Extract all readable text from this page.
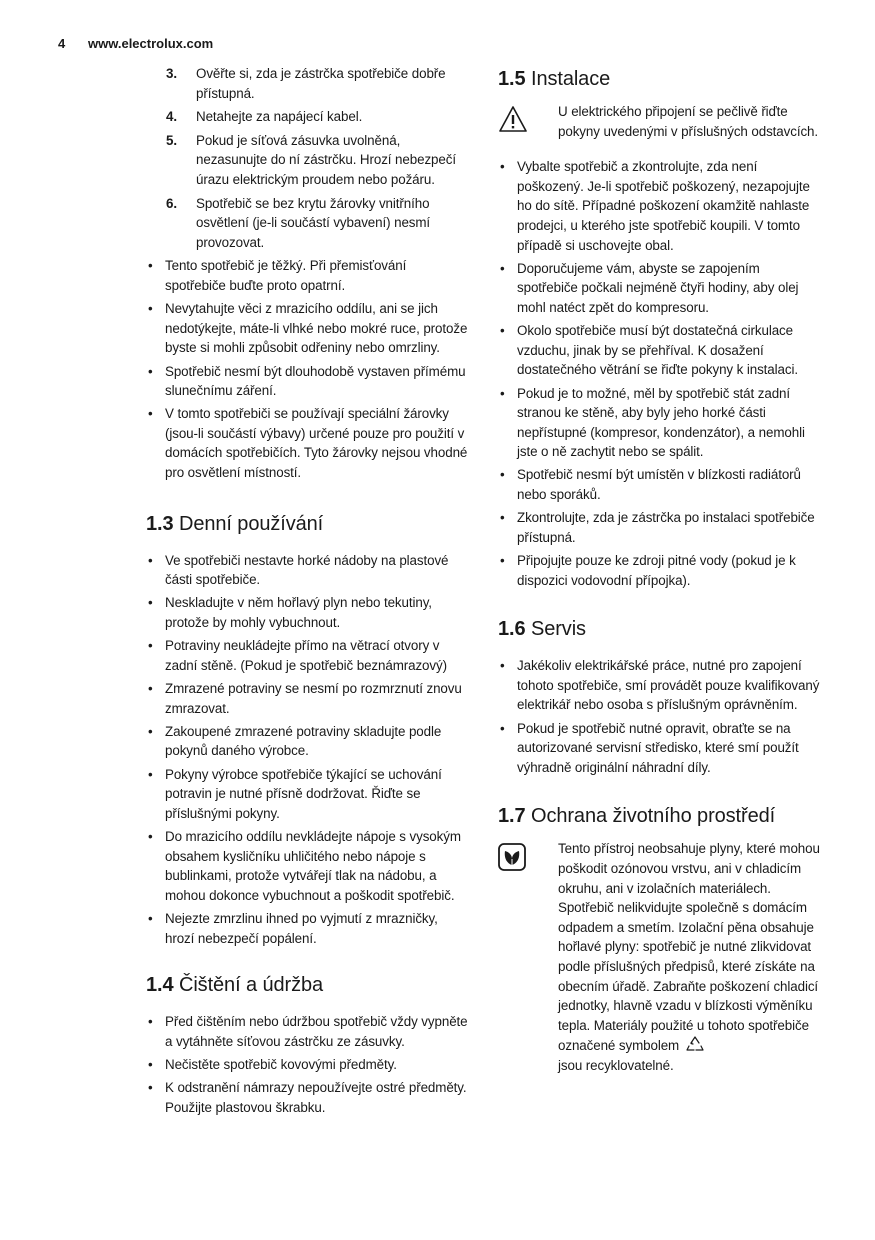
4 www.electrolux.com
3. Ověřte si, zda je zástrčka spotřebiče dobře přístupná.
4. Netahejte za napájecí kabel.
5. Pokud je síťová zásuvka uvolněná, nezasunujte do ní zástrčku. Hrozí nebezpečí úrazu elektrickým proudem nebo požáru.
6. Spotřebič se bez krytu žárovky vnitřního osvětlení (je-li součástí vybavení) nesmí provozovat.
• Tento spotřebič je těžký. Při přemisťování spotřebiče buďte proto opatrní.
• Nevytahujte věci z mrazicího oddílu, ani se jich nedotýkejte, máte-li vlhké nebo mokré ruce, protože byste si mohli způsobit odřeniny nebo omrzliny.
• Spotřebič nesmí být dlouhodobě vystaven přímému slunečnímu záření.
• V tomto spotřebiči se používají speciální žárovky (jsou-li součástí výbavy) určené pouze pro použití v domácích spotřebičích. Tyto žárovky nejsou vhodné pro osvětlení místností.
1.3 Denní používání
• Ve spotřebiči nestavte horké nádoby na plastové části spotřebiče.
• Neskladujte v něm hořlavý plyn nebo tekutiny, protože by mohly vybuchnout.
• Potraviny neukládejte přímo na větrací otvory v zadní stěně. (Pokud je spotřebič beznámrazový)
• Zmrazené potraviny se nesmí po rozmrznutí znovu zmrazovat.
• Zakoupené zmrazené potraviny skladujte podle pokynů daného výrobce.
• Pokyny výrobce spotřebiče týkající se uchování potravin je nutné přísně dodržovat. Řiďte se příslušnými pokyny.
• Do mrazicího oddílu nevkládejte nápoje s vysokým obsahem kysličníku uhličitého nebo nápoje s bublinkami, protože vytvářejí tlak na nádobu, a mohou dokonce vybuchnout a poškodit spotřebič.
• Nejezte zmrzlinu ihned po vyjmutí z mrazničky, hrozí nebezpečí popálení.
1.4 Čištění a údržba
• Před čištěním nebo údržbou spotřebič vždy vypněte a vytáhněte síťovou zástrčku ze zásuvky.
• Nečistěte spotřebič kovovými předměty.
• K odstranění námrazy nepoužívejte ostré předměty. Použijte plastovou škrabku.
1.5 Instalace
U elektrického připojení se pečlivě řiďte pokyny uvedenými v příslušných odstavcích.
• Vybalte spotřebič a zkontrolujte, zda není poškozený. Je-li spotřebič poškozený, nezapojujte ho do sítě. Případné poškození okamžitě nahlaste prodejci, u kterého jste spotřebič koupili. V tomto případě si uschovejte obal.
• Doporučujeme vám, abyste se zapojením spotřebiče počkali nejméně čtyři hodiny, aby olej mohl natéct zpět do kompresoru.
• Okolo spotřebiče musí být dostatečná cirkulace vzduchu, jinak by se přehříval. K dosažení dostatečného větrání se řiďte pokyny k instalaci.
• Pokud je to možné, měl by spotřebič stát zadní stranou ke stěně, aby byly jeho horké části nepřístupné (kompresor, kondenzátor), a nemohli jste o ně zachytit nebo se spálit.
• Spotřebič nesmí být umístěn v blízkosti radiátorů nebo sporáků.
• Zkontrolujte, zda je zástrčka po instalaci spotřebiče přístupná.
• Připojujte pouze ke zdroji pitné vody (pokud je k dispozici vodovodní přípojka).
1.6 Servis
• Jakékoliv elektrikářské práce, nutné pro zapojení tohoto spotřebiče, smí provádět pouze kvalifikovaný elektrikář nebo osoba s příslušným oprávněním.
• Pokud je spotřebič nutné opravit, obraťte se na autorizované servisní středisko, které smí použít výhradně originální náhradní díly.
1.7 Ochrana životního prostředí
Tento přístroj neobsahuje plyny, které mohou poškodit ozónovou vrstvu, ani v chladicím okruhu, ani v izolačních materiálech. Spotřebič nelikvidujte společně s domácím odpadem a smetím. Izolační pěna obsahuje hořlavé plyny: spotřebič je nutné zlikvidovat podle příslušných předpisů, které získáte na obecním úřadě. Zabraňte poškození chladicí jednotky, hlavně vzadu v blízkosti výměníku tepla. Materiály použité u tohoto spotřebiče označené symbolem
jsou recyklovatelné.
